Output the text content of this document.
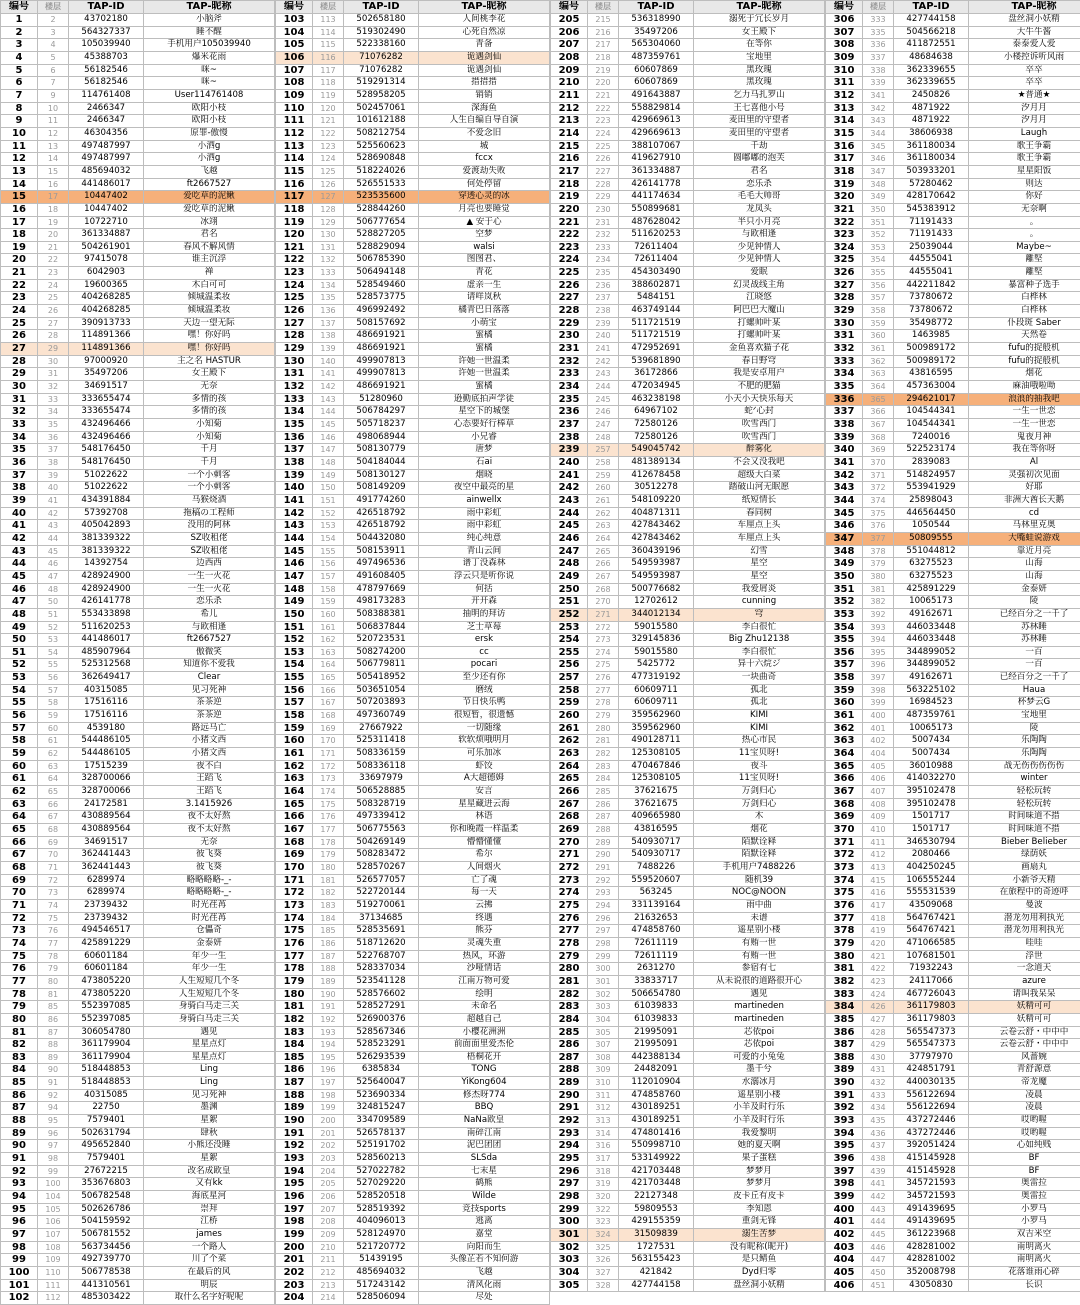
编号	楼层	TAP-ID	TAP-昵称
1	2	43702180	小脑斧
2	3	564327337	睡不醒
3	4	105039940	手机用户105039940
4	5	45388703	爆米花雨
5	6	56182546	咪~
6	7	56182546	咪~
7	9	114761408	User114761408
8	10	2466347	欧阳小枝
9	11	2466347	欧阳小枝
10	12	46304356	原罪-傲慢
11	13	497487997	小洒g
12	14	497487997	小洒g
13	15	485694032	飞越
14	16	441486017	ft2667527
15	17	10447402	爱吃草的泥鳅
16	18	10447402	爱吃草的泥鳅
17	19	10722710	冰翊
18	20	361334887	君名
19	21	504261901	春风不解风情
20	22	97415078	谁主沉浮
21	23	6042903	禅
22	24	19600365	木白可可
23	25	404268285	倾城温柔妆
24	26	404268285	倾城温柔妆
25	27	390913733	天边一望无际
26	28	114891366	嘿！你好吗
27	29	114891366	嘿！你好吗
28	30	97000920	主之名 HASTUR
29	31	35497206	女王殿下
30	32	34691517	无奈
31	33	333655474	多情的孩
32	34	333655474	多情的孩
33	35	432496466	小知菊
34	36	432496466	小知菊
35	37	548176450	千月
36	38	548176450	千月
37	39	51022622	一个小刺客
38	40	51022622	一个小刺客
39	41	434391884	马猴烧酒
40	42	57392708	拖稿の工程师
41	43	405042893	没用的阿林
42	44	381339322	SZ收租佬
43	45	381339322	SZ收租佬
44	46	14392754	边西西
45	47	428924900	一生一火花
46	48	428924900	一生一火花
47	50	426141778	恋乐杀
48	51	553433898	希儿
49	52	511620253	与欧相逢
50	53	441486017	ft2667527
51	54	485907964	傲微笑
52	55	525312568	知道你不爱我
53	56	362649417	Clear
54	57	40315085	见习死神
55	58	17516116	茶茶逆
56	59	17516116	茶茶逆
57	60	4539180	路远马亡
58	61	544486105	小猪文西
59	62	544486105	小猪文西
60	63	17515239	夜不白
61	64	328700066	王蹈飞
62	65	328700066	王蹈飞
63	66	24172581	3.1415926
64	67	430889564	夜不太好熬
65	68	430889564	夜不太好熬
66	69	34691517	无奈
67	70	362441443	彼飞葵
68	71	362441443	彼飞葵
69	72	6289974	略略略略-_-
70	73	6289974	略略略略-_-
71	74	23739432	时光荏苒
72	75	23739432	时光荏苒
73	76	494546517	仓儡奇
74	77	425891229	金泰妍
75	78	60601184	年少一生
76	79	60601184	年少一生
77	80	473805220	人生短短几个冬
78	81	473805220	人生短短几个冬
79	85	552397085	身骑白马走三关
80	86	552397085	身骑白马走三关
81	87	306054780	遇见
82	88	361179904	星星点灯
83	89	361179904	星星点灯
84	90	518448853	Ling
85	91	518448853	Ling
86	92	40315085	见习死神
87	94	22750	墨渊
88	95	7579401	星絮
89	96	502631794	肆秋
90	97	495652840	小熊还没睡
91	98	7579401	星絮
92	99	27672215	改名成欧皇
93	100	353676803	又有kk
94	104	506782548	海底星河
95	105	502626786	崇拜
96	106	504159592	江桥
97	107	506781552	james
98	108	563734456	一个路人
99	109	492739770	川了个菜
100	110	506778538	在最后的风
101	111	441310561	明辰
102	112	485303422	取什么名字好呢呢
编号	楼层	TAP-ID	TAP-昵称
103	113	502658180	人间桃李花
104	114	519302490	心死自然凉
105	115	522338160	青备
106	116	71076282	诡遇剑仙
107	117	71076282	诡遇剑仙
108	118	519291314	措措措
109	119	528958205	销销
110	120	502457061	深海鱼
111	121	101612188	人生自编自导自演
112	122	508212754	不爱念旧
113	123	525560623	城
114	124	528690848	fccx
115	125	518224026	爱渡劫失败
116	126	526551533	何处停留
117	127	523535600	穿透心灵的冰
118	128	528844260	月亮也要睡觉
119	129	506777654	▲ 安于心
120	130	528827205	空梦
121	131	528829094	walsi
122	132	506785390	图图君、
123	133	506494148	青花
124	134	528549460	虚亲一生
125	135	528573775	请咩岚秋
126	136	496992492	橘青巴日落落
127	137	508157692	小萌宝
128	138	486691921	蜜橘
129	139	486691921	蜜橘
130	140	499907813	许她一世温柔
131	141	499907813	许她一世温柔
132	142	486691921	蜜橘
133	143	51280960	逊勤底拍声学徒
134	144	506784297	星空下的城堡
135	145	505718237	心态要好行棒草
136	146	498068944	小兄睿
137	147	508130779	唐梦
138	148	504184044	石ai
139	149	508130127	烟晓
140	150	508149209	夜空中最亮的星
141	151	491774260	ainwellx
142	152	426518792	雨中彩虹
143	153	426518792	雨中彩虹
144	154	504432080	纯心纯意
145	155	508153911	青山云间
146	156	497496536	谱丁没森林
147	157	491608405	浮云只是听你说
148	158	478797669	何括
149	159	498173283	开开森
150	160	508388381	抽明的拜访
151	161	506837844	芝士草莓
152	162	520723531	ersk
153	163	508274200	cc
154	164	506779811	pocari
155	165	505418952	至少还有你
156	166	503651054	磨绒
157	167	507203893	节日快乐鸭
158	168	497360749	很短暂，很遗憾
159	169	27667922	一切随缘
160	170	525311418	软软烦哦明月
161	171	508336159	可乐加冰
162	172	508336118	虾饺
163	173	33697979	A大超德姆
164	174	506528885	安言
165	175	508328719	星星藏进云海
166	176	497339412	林语
167	177	506775563	你和晚霞一样温柔
168	178	504269149	懵懵懂懂
169	179	508283472	希尔
170	180	528570267	人间烟火
171	181	526577057	亡了魂
172	182	522720144	每一天
173	183	519270061	云拂
174	184	37134685	终遇
175	185	528535691	熊芬
176	186	518712620	灵魂失重
177	187	522768707	热风，环游
178	188	528337034	沙哑情话
179	189	523541128	江南万物可爱
180	190	528576602	绘明
181	191	528527291	未命名
182	192	526900376	超越自己
183	193	528567346	小樱花洲洲
184	194	528523291	前面面里爱杰伦
185	195	526293539	梧桐花开
186	196	6385834	TONG
187	197	525640047	YiKong604
188	198	523690334	修杰呀774
189	199	324815247	BBQ
190	200	334709589	NaNa欧皇
191	201	526578137	南碎江南
192	202	525191702	泥巴团团
193	203	528560213	SLSda
194	204	527022782	七末星
195	205	527029220	鹤熊
196	206	528520518	Wilde
197	207	528519392	竞技sports
198	208	404096013	逃离
199	209	528124970	嘉堂
200	210	521720772	向阳而生
201	211	51439195	头像芷若不知何游
202	212	485694032	飞越
203	213	517243142	清风化雨
204	214	528506094	尽处
编号	楼层	TAP-ID	TAP-昵称
205	215	536318990	溺死于冗长岁月
206	216	35497206	女王殿下
207	217	565304060	在等你
208	218	487359761	宝地里
209	219	60607869	黑玫瑰
210	220	60607869	黑玫瑰
211	221	491643887	乞力马扎罗山
212	222	558829814	王七喜他小号
213	223	429669613	麦田里的守望者
214	224	429669613	麦田里的守望者
215	225	388107067	千劫
216	226	419627910	圆嘟嘟的泡芙
217	227	361334887	君名
218	228	426141778	恋乐杀
219	229	441174634	毛毛大帅哥
220	230	550899681	龙凤头
221	231	487628042	半只小月亮
222	232	511620253	与欧相逢
223	233	72611404	少见钟情人
224	234	72611404	少见钟情人
225	235	454303490	爱眠
226	236	388602871	幻灵战线主角
227	237	5484151	江晓悠
228	238	463749144	阿巴巴大魔山
229	239	511721519	打螺帅叶某
230	240	511721519	打螺帅叶某
231	241	472952691	金鱼喜欢猫子花
232	242	539681890	春日野穹
233	243	36172866	我是安卓用户
234	244	472034945	不肥的肥猫
235	245	463238198	小天小天快乐每天
236	246	64967102	蛇ᐟ心封
237	247	72580126	吹雪西门
238	248	72580126	吹雪西门
239	257	549045742	醉雾化
240	258	481389134	不会又没我吧
241	259	412678458	超级大白菜
242	260	30512278	踏破山河无眠愿
243	261	548109220	纸短情长
244	262	404871311	春同树
245	263	427843462	车厘点上头
246	264	427843462	车厘点上头
247	265	360439196	幻雪
248	266	549593987	星空
249	267	549593987	星空
250	268	500776682	我爱屑炎
251	270	12702612	cunning
252	271	344012134	穹
253	272	59015580	李白很忙
254	273	329145836	Big Zhu12138
255	274	59015580	李白很忙
256	275	5425772	异十六烷ジ
257	276	477319192	一块曲奇
258	277	60609711	孤北
259	278	60609711	孤北
260	279	359562960	KIMI
261	280	359562960	KIMI
262	281	490128711	热心市民
263	282	125308105	11宝贝呀!
264	283	470467846	夜斗
265	284	125308105	11宝贝呀!
266	285	37621675	万剑归心
267	286	37621675	万剑归心
268	287	409665980	木
269	288	43816595	烟花
270	289	540930717	陌默诠释
271	290	540930717	陌默诠释
272	291	7488226	手机用户7488226
273	292	559520607	随机39
274	293	563245	NOC@NOON
275	294	331139164	雨中曲
276	296	21632653	未谱
277	297	474858760	遥星别小楼
278	298	72611119	有贿一世
279	299	72611119	有贿一世
280	300	2631270	参宿有七
281	301	33833717	从未说很的道路很开心
282	302	506654780	遇见
283	303	61039833	martineden
284	304	61039833	martineden
285	305	21995091	芯依poi
286	307	21995091	芯依poi
287	308	442388134	可爱的小兔兔
288	309	24482091	墨千兮
289	310	112010904	水溺冰月
290	311	474858760	遥星别小楼
291	312	430189251	小羊及时行乐
292	313	430189251	小羊及时行乐
293	314	474801416	我爱黎明
294	316	550998710	她的夏天啊
295	317	533149922	果子蛋糕
296	318	421703448	梦梦月
297	319	421703448	梦梦月
298	320	22127348	皮卡丘有皮卡
299	322	59809553	李知恩
300	323	429155359	重剑无锋
301	324	31509839	溺生苦梦
302	325	1727531	没有昵称(昵开)
303	326	563155423	是只鲭鱼
304	327	421842	Dyd归零
305	328	427744158	盘丝洞小妖精
编号	楼层	TAP-ID	TAP-昵称
306	333	427744158	盘丝洞小妖精
307	335	504566218	大牛牛酱
308	336	411872551	泰泰爱人爱
309	337	48684638	小楼控诉听风雨
310	338	362339655	卒卒
311	339	362339655	卒卒
312	341	2450826	★普通★
313	342	4871922	汐月月
314	343	4871922	汐月月
315	344	38606938	Laugh
316	345	361180034	歌王争霸
317	346	361180034	歌王争霸
318	347	503933201	星星阳饭
319	348	57280462	则达
320	349	428170642	你好
321	350	545383912	无奈啊
322	351	71191433	。
323	352	71191433	。
324	353	25039044	Maybe~
325	354	44555041	離堅
326	355	44555041	離堅
327	356	442211842	暴富种子选手
328	357	73780672	白桦林
329	358	73780672	白桦林
330	359	35498772	仆段斑 Saber
331	360	1463985	天然卷
332	361	500989172	fufu的捉般机
333	362	500989172	fufu的捉般机
334	363	43816595	烟花
335	364	457363004	麻油哦啦呦
336	365	294621017	浪浪的抽我吧
337	366	104544341	一生一世恋
338	367	104544341	一生一世恋
339	368	7240016	鬼夜月神
340	369	522523174	我在等你呀
341	370	2839083	Al
342	371	514824957	灵强初次见面
343	372	553941929	好耶
344	374	25898043	非洲大酋长天鹅
345	375	446564450	cd
346	376	1050544	马林里克奥
347	377	50809555	大嘴蛙说游戏
348	378	551044812	靠近月亮
349	379	63275523	山海
350	380	63275523	山海
351	381	425891229	金泰妍
352	382	10065173	陵
353	392	49162671	已经百分之一千了
354	393	446033448	苏林睡
355	394	446033448	苏林睡
356	395	344899052	一百
357	396	344899052	一百
358	397	49162671	已经百分之一千了
359	398	563225102	Haua
360	399	16984523	杯梦云G
361	400	487359761	宝地里
362	401	10065173	陵
363	402	5007434	乐陶陶
364	404	5007434	乐陶陶
365	405	36010988	战无伤伤伤伤伤
366	406	414032270	winter
367	407	395102478	轻松玩转
368	408	395102478	轻松玩转
369	409	1501717	时间味道不措
370	410	1501717	时间味道不措
371	411	346530794	Bieber Belieber
372	412	2080466	绿荫妖
373	413	404250245	画扇丸
374	415	106555244	小新爷天精
375	416	555531539	在旅程中的奇迹呼
376	417	43509068	曼波
377	418	564767421	潜龙勿用利执光
378	419	564767421	潜龙勿用利执光
379	420	471066585	哇哇
380	421	107681501	浮世
381	422	71932243	一念道天
382	423	24117066	azure
383	424	467726043	请叫我呆呆
384	426	361179803	妖精可可
385	427	361179803	妖精可可
386	428	565547373	云卷云舒・中中中
387	429	565547373	云卷云舒・中中中
388	430	37797970	风蔷婉
389	431	424851791	青舒源意
390	432	440030135	帝龙魔
391	433	556122694	凌晨
392	434	556122694	凌晨
393	435	437272446	哎哟喔
394	436	437272446	哎哟喔
395	437	392051424	心如纯贱
396	438	415145928	BF
397	439	415145928	BF
398	441	345721593	奥雷拉
399	442	345721593	奥雷拉
400	443	491439695	小罗马
401	444	491439695	小罗马
402	445	361223968	双吉米空
403	446	428281002	南明离火
404	447	428281002	南明离火
405	450	352008798	花落谁雨心碎
406	451	43050830	长识
